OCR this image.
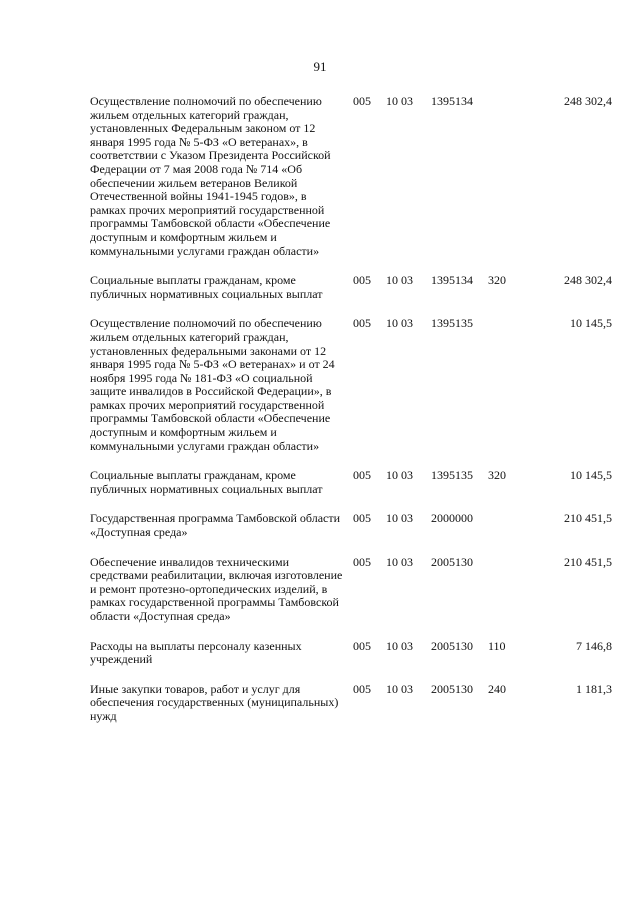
91
Осуществление полномочий по обеспечению жильем отдельных категорий граждан, установленных Федеральным законом от 12 января 1995 года № 5-ФЗ «О ветеранах», в соответствии с Указом Президента Российской Федерации от 7 мая 2008 года № 714 «Об обеспечении жильем ветеранов Великой Отечественной войны 1941-1945 годов», в рамках прочих мероприятий государственной программы Тамбовской области «Обеспечение доступным и комфортным жильем и коммунальными услугами граждан области»	005	10 03	1395134		248 302,4
Социальные выплаты гражданам, кроме публичных нормативных социальных выплат	005	10 03	1395134	320	248 302,4
Осуществление полномочий по обеспечению жильем отдельных категорий граждан, установленных федеральными законами от 12 января 1995 года № 5-ФЗ «О ветеранах» и от 24 ноября 1995 года № 181-ФЗ «О социальной защите инвалидов в Российской Федерации», в рамках прочих мероприятий государственной программы Тамбовской области «Обеспечение доступным и комфортным жильем и коммунальными услугами граждан области»	005	10 03	1395135		10 145,5
Социальные выплаты гражданам, кроме публичных нормативных социальных выплат	005	10 03	1395135	320	10 145,5
Государственная программа Тамбовской области «Доступная среда»	005	10 03	2000000		210 451,5
Обеспечение инвалидов техническими средствами реабилитации, включая изготовление и ремонт протезно-ортопедических изделий, в рамках государственной программы Тамбовской области «Доступная среда»	005	10 03	2005130		210 451,5
Расходы на выплаты персоналу казенных учреждений	005	10 03	2005130	110	7 146,8
Иные закупки товаров, работ и услуг для обеспечения государственных (муниципальных) нужд	005	10 03	2005130	240	1 181,3
